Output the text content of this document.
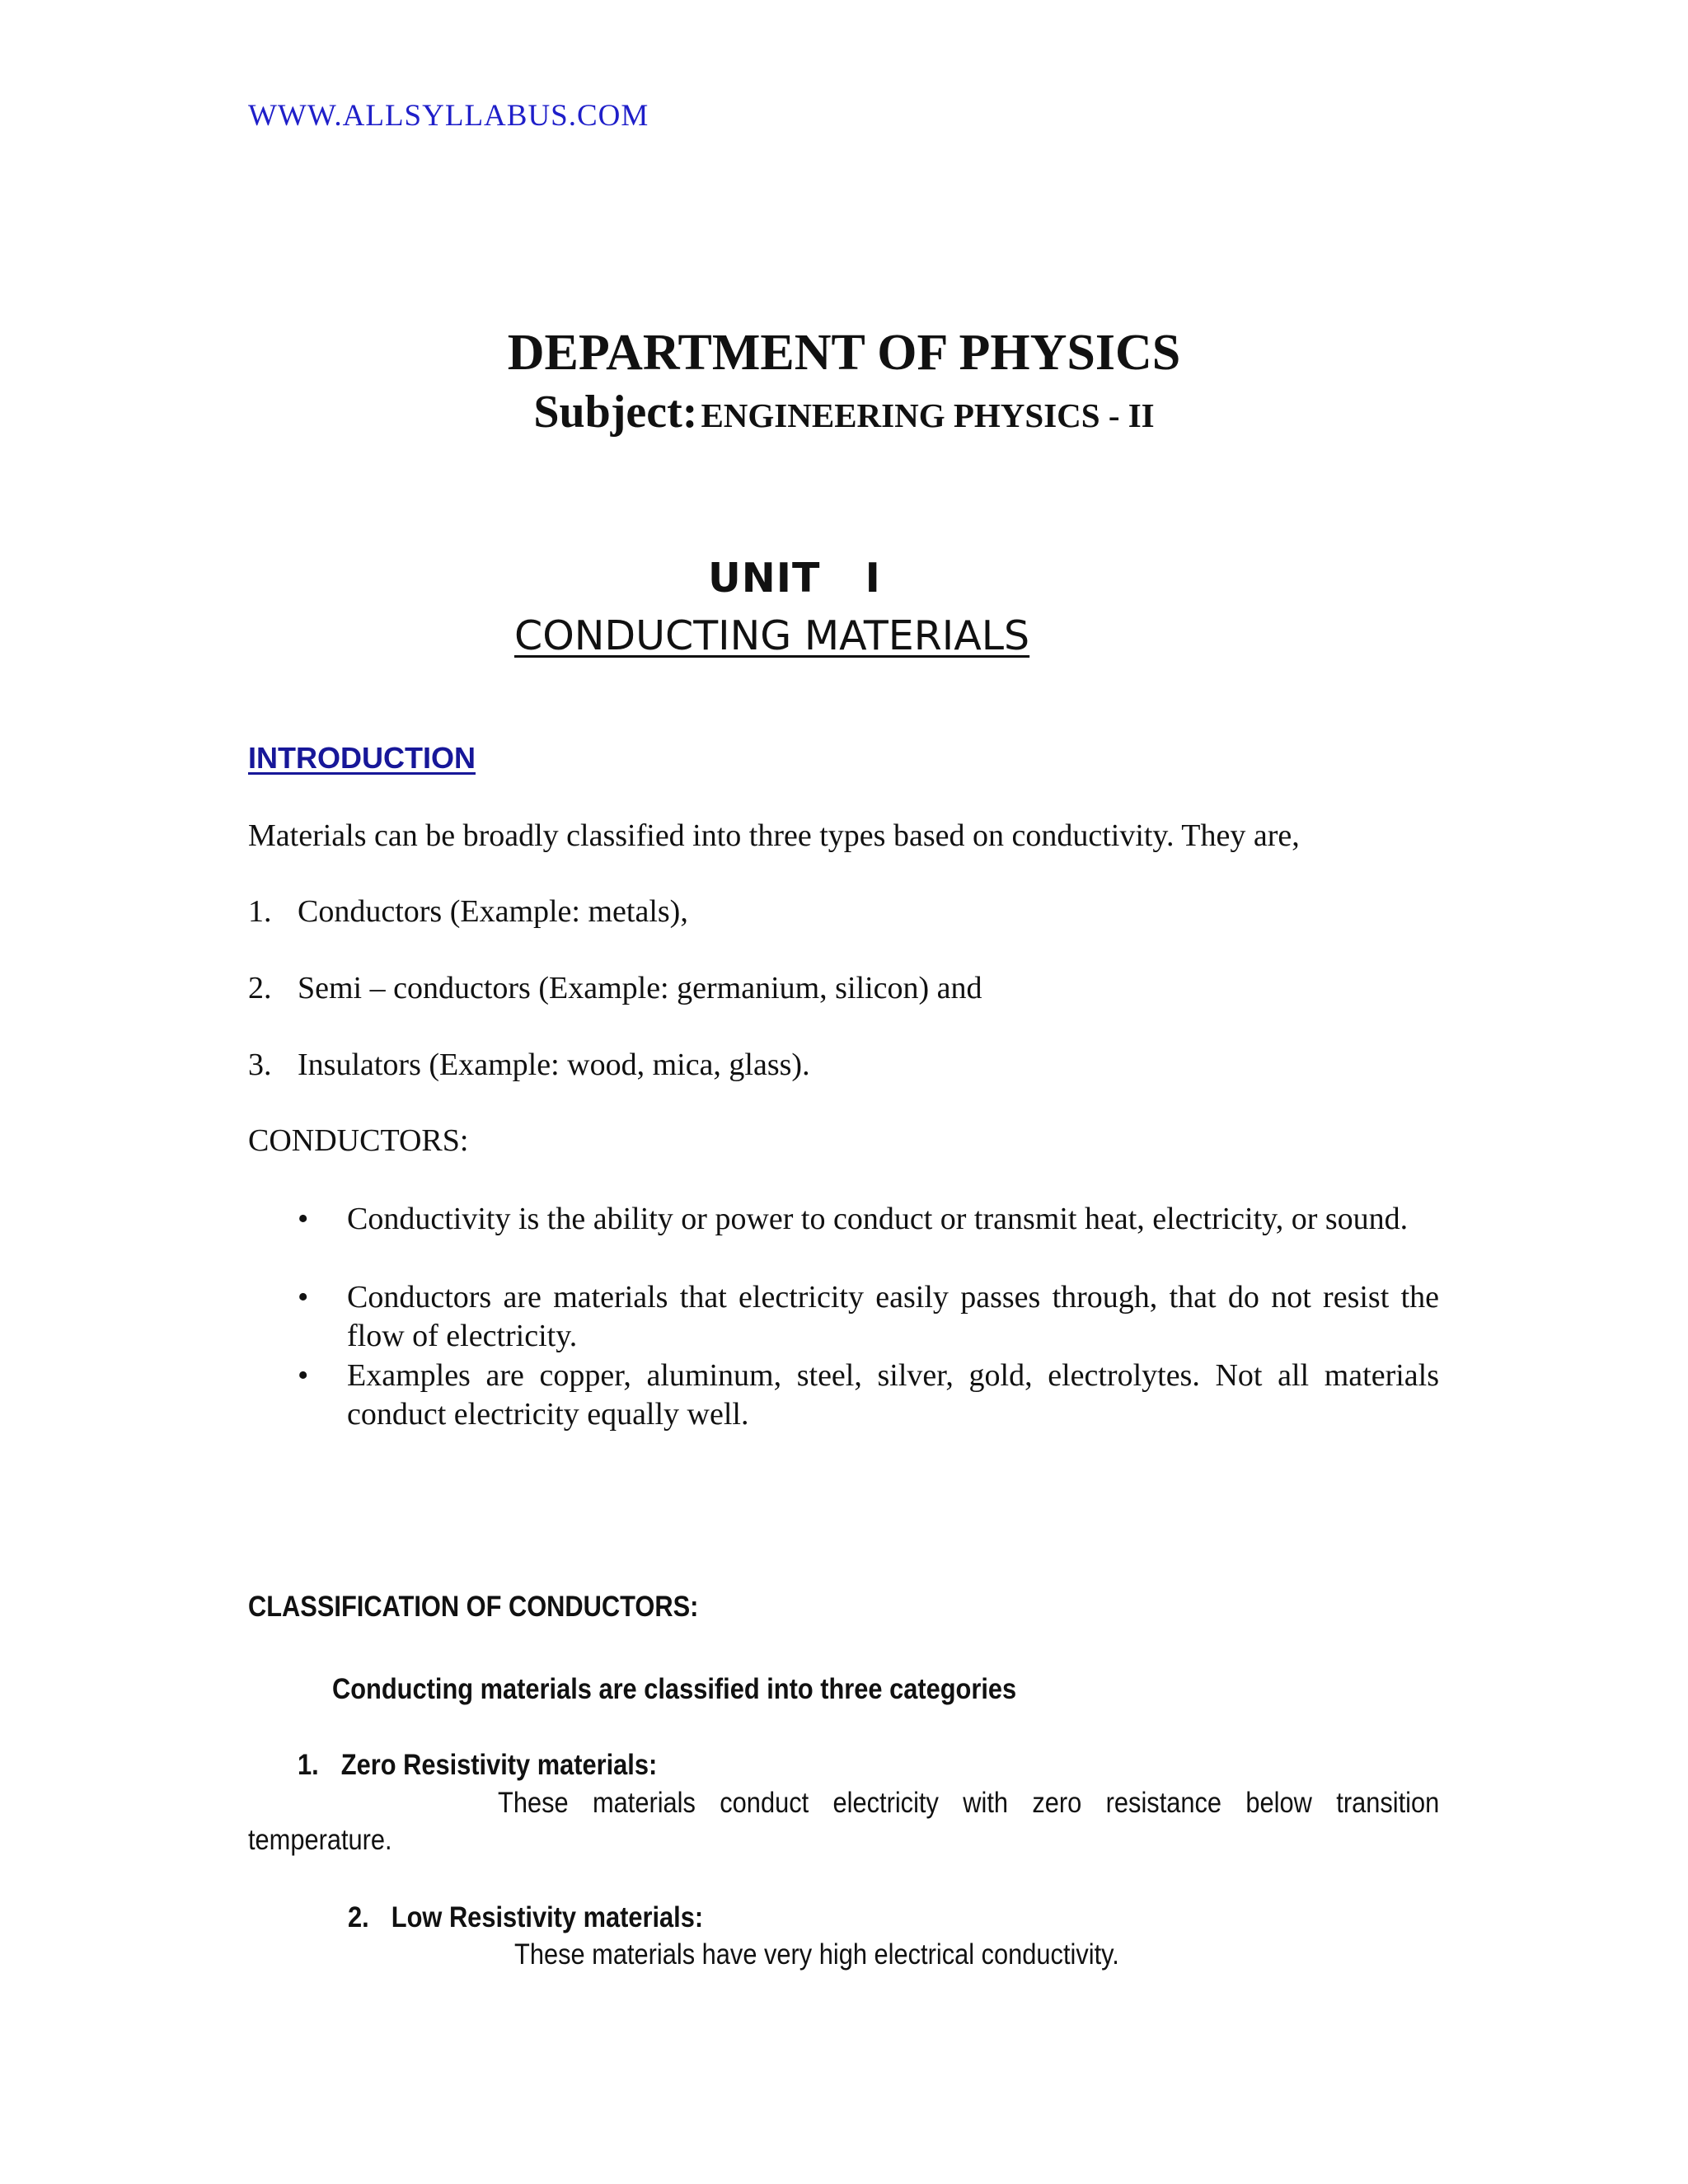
WWW.ALLSYLLABUS.COM
DEPARTMENT OF PHYSICS
Subject: ENGINEERING PHYSICS - II
UNIT   I
CONDUCTING MATERIALS
INTRODUCTION
Materials can be broadly classified into three types based on conductivity. They are,
1. Conductors (Example: metals),
2. Semi – conductors (Example: germanium, silicon) and
3. Insulators (Example: wood, mica, glass).
CONDUCTORS:
•	Conductivity is the ability or power to conduct or transmit heat, electricity, or sound.
•	Conductors are materials that electricity easily passes through, that do not resist the flow of electricity.
•	Examples are copper, aluminum, steel, silver, gold, electrolytes. Not all materials conduct electricity equally well.
CLASSIFICATION OF CONDUCTORS:
Conducting materials are classified into three categories
1. Zero Resistivity materials:
These materials conduct electricity with zero resistance below transition
temperature.
2. Low Resistivity materials:
These materials have very high electrical conductivity.
